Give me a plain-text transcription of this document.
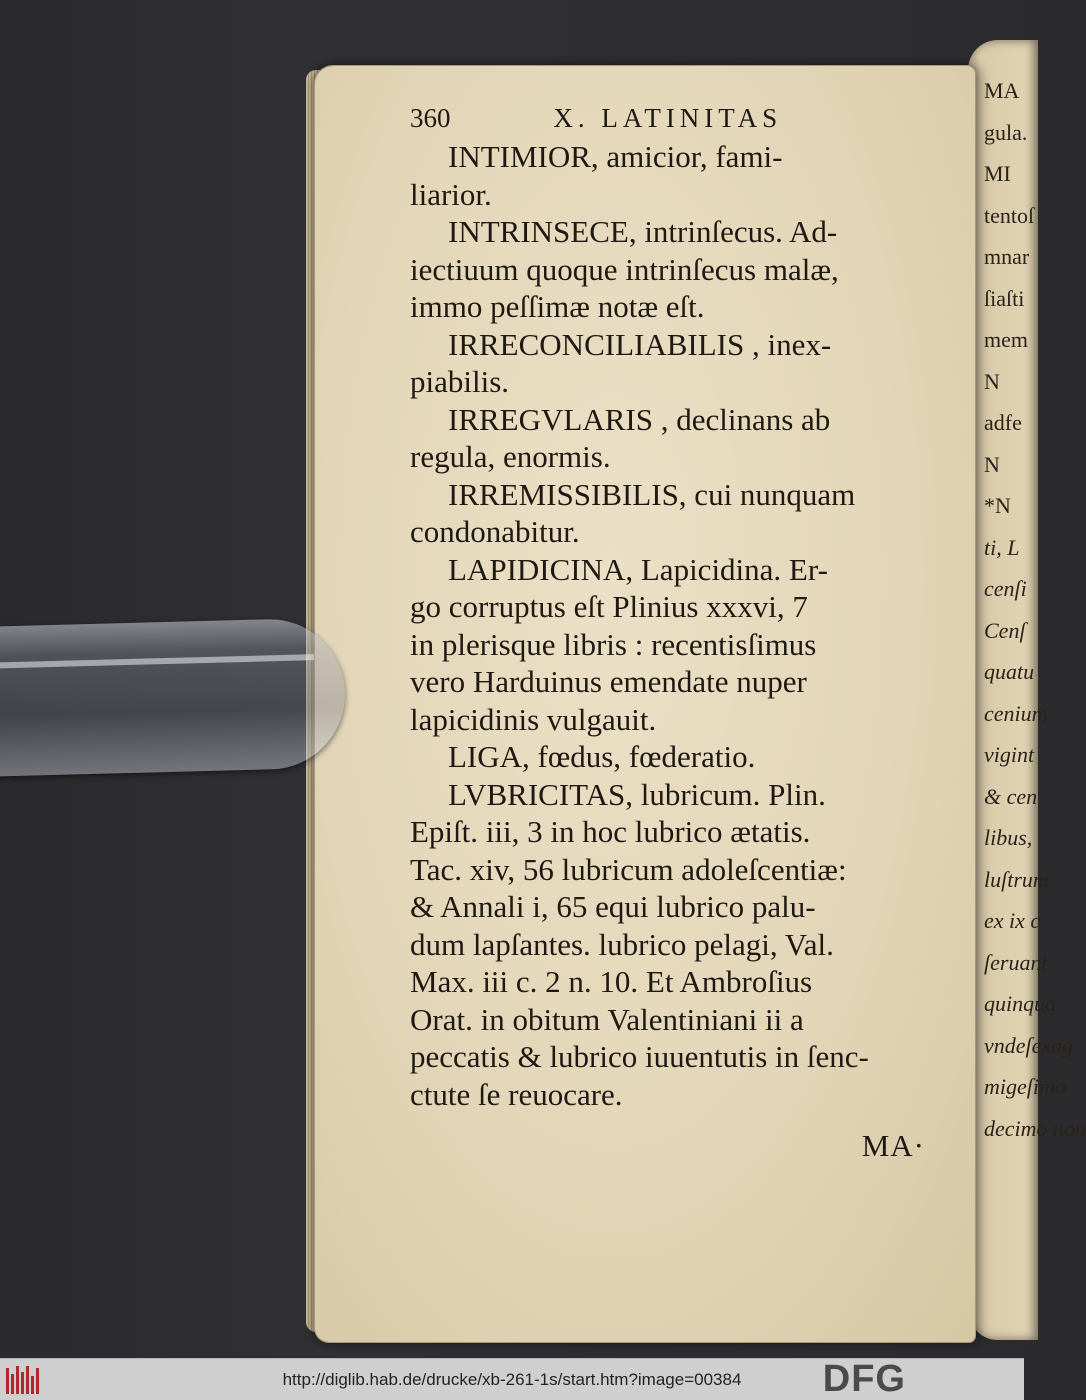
MA
gula.
MI
tentoſ
mnar
ſiaſti
mem
N
adfe
N
*N
ti, L
cenſi
Cenſ
quatu
cenium
vigint
& cen
libus,
luſtrum
ex ix c
ſeruant
quinqua
vndeſexag
migeſimo
decimo non
360	X. LATINITAS
INTIMIOR, amicior, fami-
liarior.
INTRINSECE, intrinſecus. Ad-
iectiuum quoque intrinſecus malæ,
immo peſſimæ notæ eſt.
IRRECONCILIABILIS , inex-
piabilis.
IRREGVLARIS , declinans ab
regula, enormis.
IRREMISSIBILIS, cui nunquam
condonabitur.
LAPIDICINA, Lapicidina. Er-
go corruptus eſt Plinius xxxvi, 7
in plerisque libris : recentisſimus
vero Harduinus emendate nuper
lapicidinis vulgauit.
LIGA, fœdus, fœderatio.
LVBRICITAS, lubricum. Plin.
Epiſt. iii, 3 in hoc lubrico ætatis.
Tac. xiv, 56 lubricum adoleſcentiæ:
& Annali i, 65 equi lubrico palu-
dum lapſantes. lubrico pelagi, Val.
Max. iii c. 2 n. 10. Et Ambroſius
Orat. in obitum Valentiniani ii a
peccatis & lubrico iuuentutis in ſenc-
ctute ſe reuocare.
MA·
http://diglib.hab.de/drucke/xb-261-1s/start.htm?image=00384	DFG
